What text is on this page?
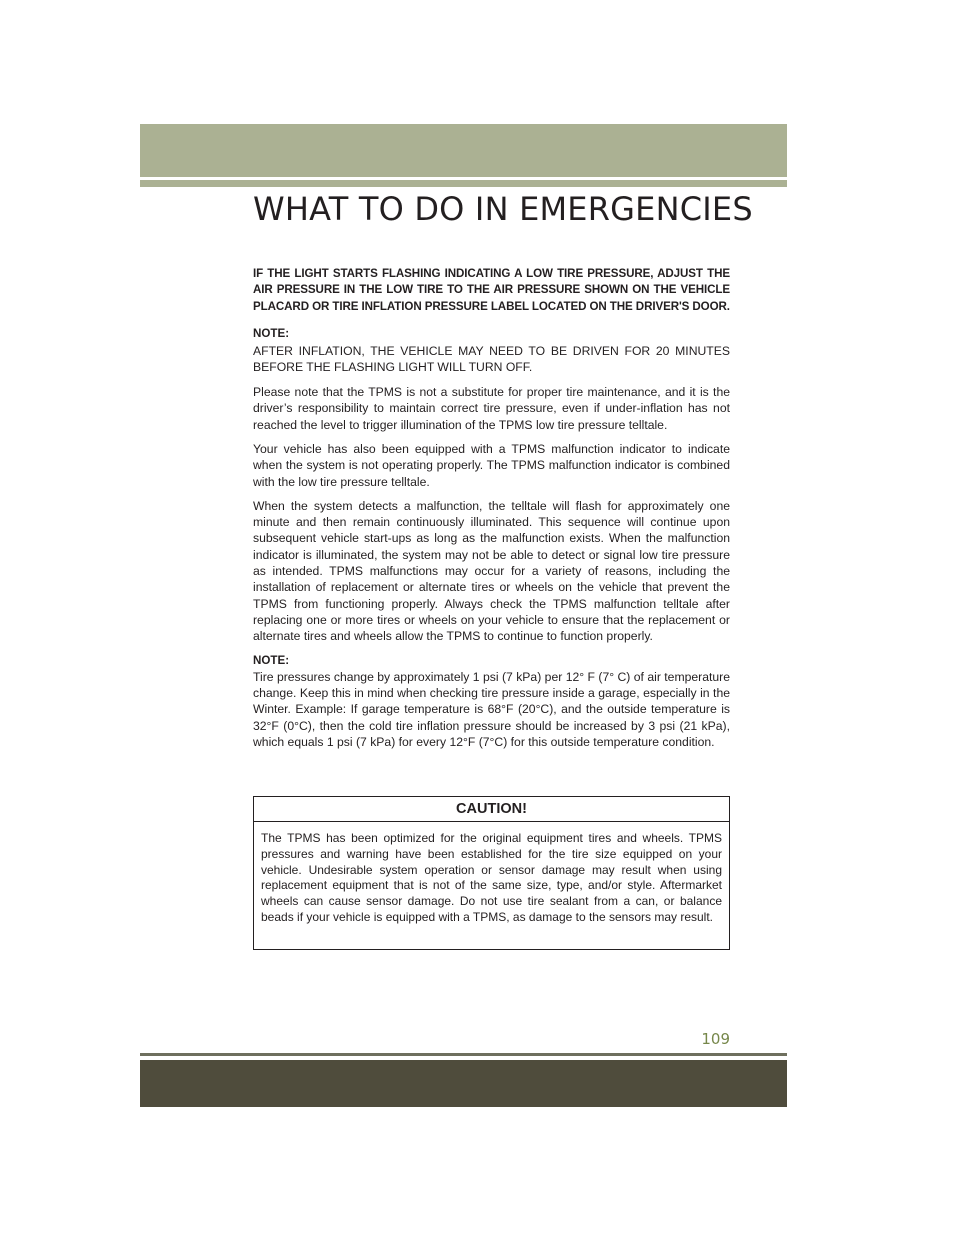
WHAT TO DO IN EMERGENCIES

IF THE LIGHT STARTS FLASHING INDICATING A LOW TIRE PRESSURE, ADJUST THE AIR PRESSURE IN THE LOW TIRE TO THE AIR PRESSURE SHOWN ON THE VEHICLE PLACARD OR TIRE INFLATION PRESSURE LABEL LOCATED ON THE DRIVER'S DOOR.

NOTE:

AFTER INFLATION, THE VEHICLE MAY NEED TO BE DRIVEN FOR 20 MINUTES BEFORE THE FLASHING LIGHT WILL TURN OFF.

Please note that the TPMS is not a substitute for proper tire maintenance, and it is the driver’s responsibility to maintain correct tire pressure, even if under-inflation has not reached the level to trigger illumination of the TPMS low tire pressure telltale.

Your vehicle has also been equipped with a TPMS malfunction indicator to indicate when the system is not operating properly. The TPMS malfunction indicator is combined with the low tire pressure telltale.

When the system detects a malfunction, the telltale will flash for approximately one minute and then remain continuously illuminated. This sequence will continue upon subsequent vehicle start-ups as long as the malfunction exists. When the malfunction indicator is illuminated, the system may not be able to detect or signal low tire pressure as intended. TPMS malfunctions may occur for a variety of reasons, including the installation of replacement or alternate tires or wheels on the vehicle that prevent the TPMS from functioning properly. Always check the TPMS malfunction telltale after replacing one or more tires or wheels on your vehicle to ensure that the replacement or alternate tires and wheels allow the TPMS to continue to function properly.

NOTE:

Tire pressures change by approximately 1 psi (7 kPa) per 12° F (7° C) of air temperature change. Keep this in mind when checking tire pressure inside a garage, especially in the Winter. Example: If garage temperature is 68°F (20°C), and the outside temperature is 32°F (0°C), then the cold tire inflation pressure should be increased by 3 psi (21 kPa), which equals 1 psi (7 kPa) for every 12°F (7°C) for this outside temperature condition.

CAUTION!
The TPMS has been optimized for the original equipment tires and wheels. TPMS pressures and warning have been established for the tire size equipped on your vehicle. Undesirable system operation or sensor damage may result when using replacement equipment that is not of the same size, type, and/or style. Aftermarket wheels can cause sensor damage. Do not use tire sealant from a can, or balance beads if your vehicle is equipped with a TPMS, as damage to the sensors may result.
109
